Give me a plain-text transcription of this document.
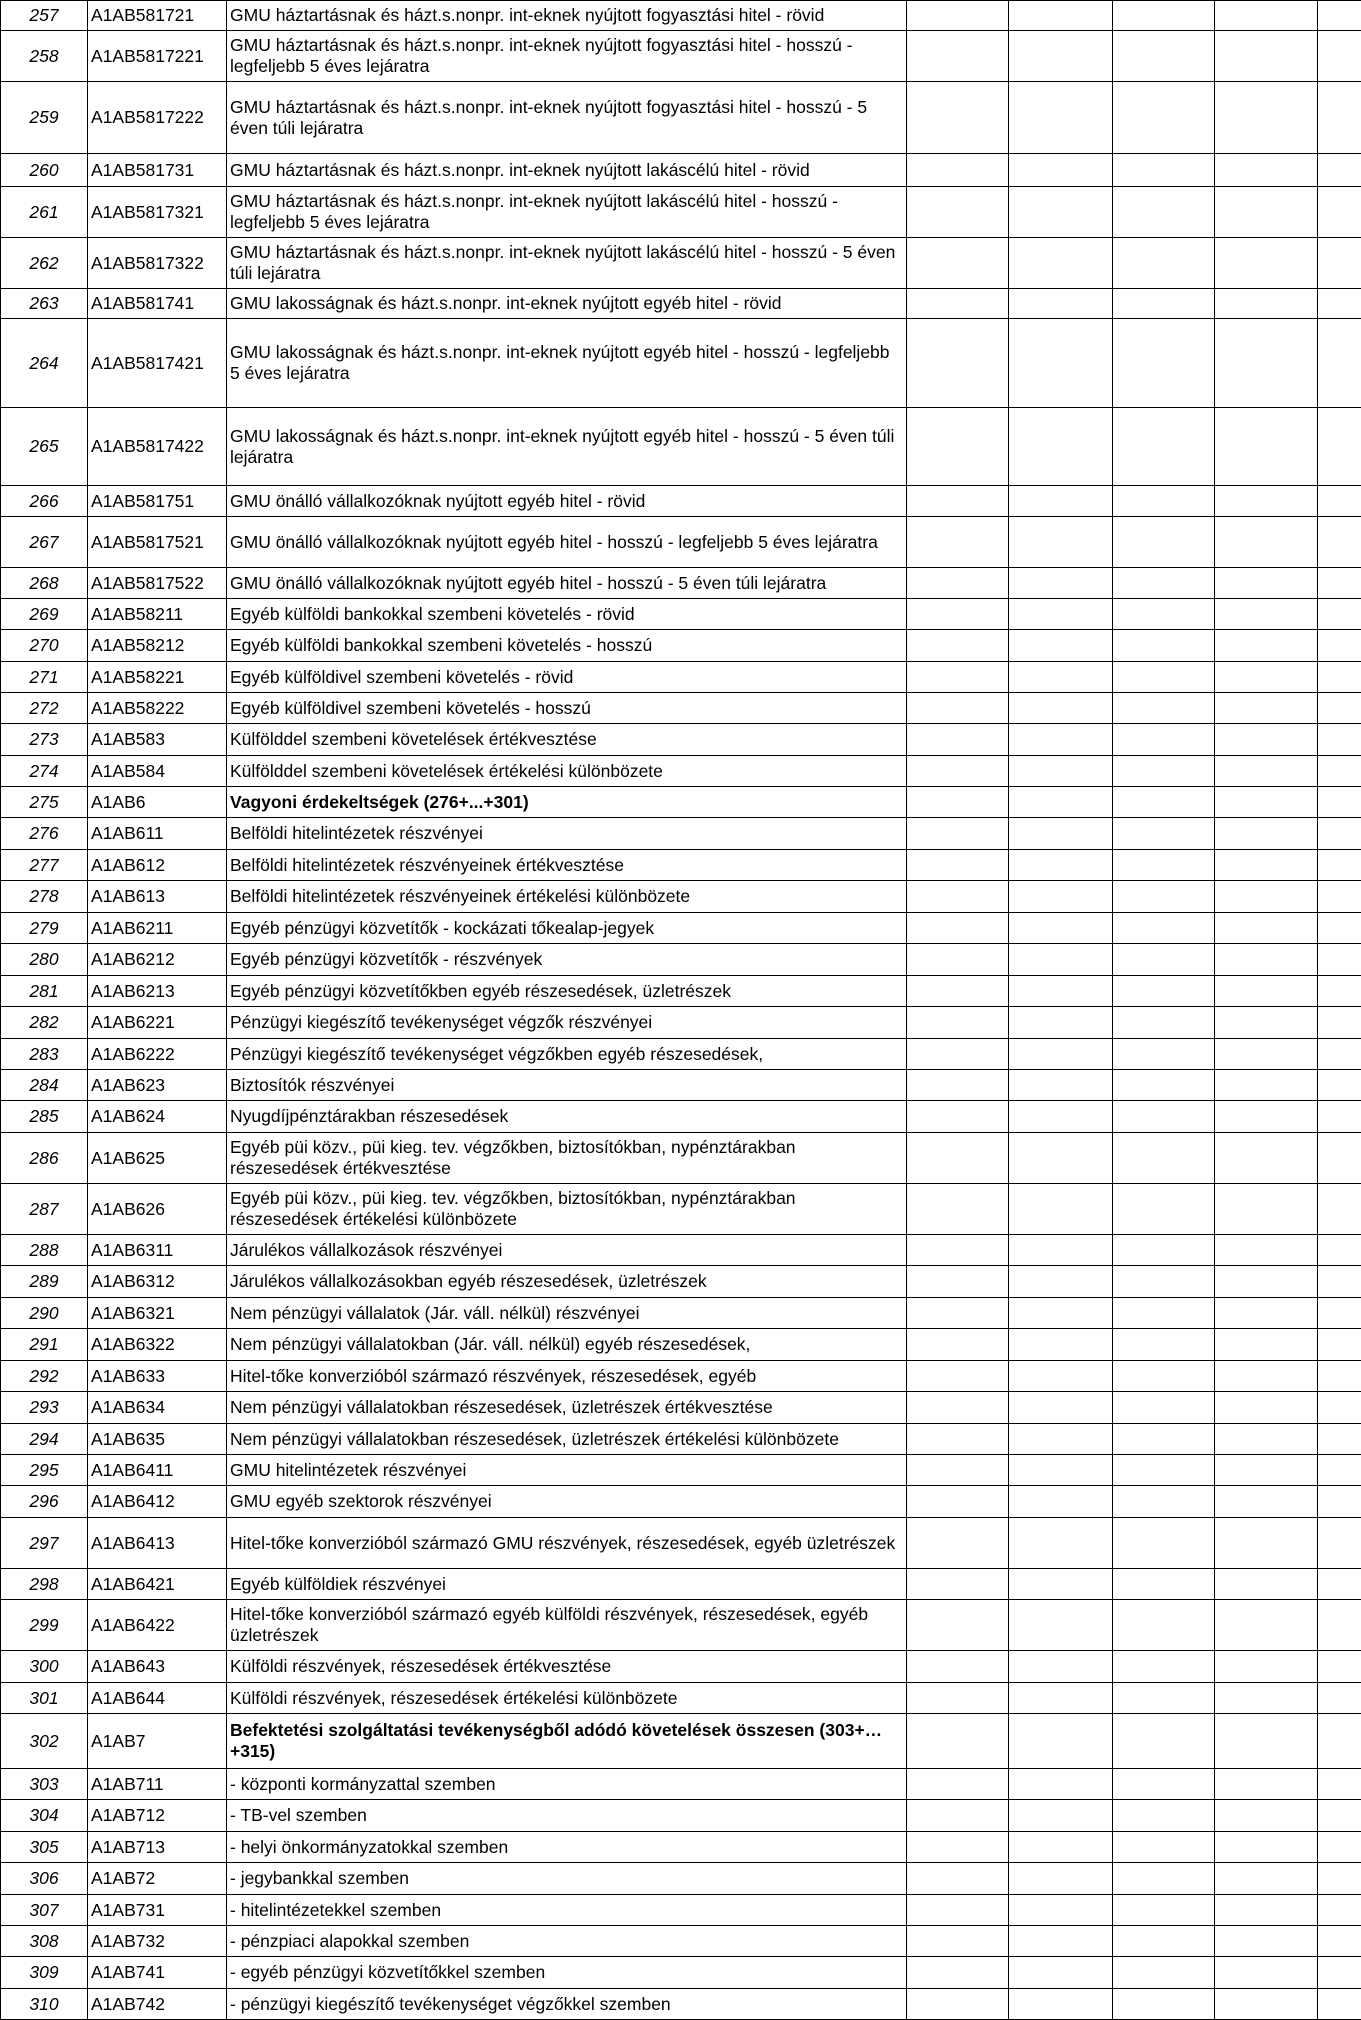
257	A1AB581721	GMU háztartásnak és házt.s.nonpr. int-eknek nyújtott fogyasztási hitel - rövid					
258	A1AB5817221	GMU háztartásnak és házt.s.nonpr. int-eknek nyújtott fogyasztási hitel - hosszú - legfeljebb 5 éves lejáratra					
259	A1AB5817222	GMU háztartásnak és házt.s.nonpr. int-eknek nyújtott fogyasztási hitel - hosszú - 5 éven túli lejáratra					
260	A1AB581731	GMU háztartásnak és házt.s.nonpr. int-eknek nyújtott lakáscélú hitel - rövid					
261	A1AB5817321	GMU háztartásnak és házt.s.nonpr. int-eknek nyújtott lakáscélú hitel - hosszú - legfeljebb 5 éves lejáratra					
262	A1AB5817322	GMU háztartásnak és házt.s.nonpr. int-eknek nyújtott lakáscélú hitel - hosszú - 5 éven túli lejáratra					
263	A1AB581741	GMU lakosságnak és házt.s.nonpr. int-eknek nyújtott egyéb hitel - rövid					
264	A1AB5817421	GMU lakosságnak és házt.s.nonpr. int-eknek nyújtott egyéb hitel - hosszú - legfeljebb 5 éves lejáratra					
265	A1AB5817422	GMU lakosságnak és házt.s.nonpr. int-eknek nyújtott egyéb hitel - hosszú - 5 éven túli lejáratra					
266	A1AB581751	GMU önálló vállalkozóknak nyújtott egyéb hitel - rövid					
267	A1AB5817521	GMU önálló vállalkozóknak nyújtott egyéb hitel - hosszú - legfeljebb 5 éves lejáratra					
268	A1AB5817522	GMU önálló vállalkozóknak nyújtott egyéb hitel - hosszú - 5 éven túli lejáratra					
269	A1AB58211	Egyéb külföldi bankokkal szembeni követelés - rövid					
270	A1AB58212	Egyéb külföldi bankokkal szembeni követelés - hosszú					
271	A1AB58221	Egyéb külföldivel szembeni követelés - rövid					
272	A1AB58222	Egyéb külföldivel szembeni követelés - hosszú					
273	A1AB583	Külfölddel szembeni követelések értékvesztése					
274	A1AB584	Külfölddel szembeni követelések értékelési különbözete					
275	A1AB6	Vagyoni érdekeltségek (276+...+301)					
276	A1AB611	Belföldi hitelintézetek részvényei					
277	A1AB612	Belföldi hitelintézetek részvényeinek értékvesztése					
278	A1AB613	Belföldi hitelintézetek részvényeinek értékelési különbözete					
279	A1AB6211	Egyéb pénzügyi közvetítők - kockázati tőkealap-jegyek					
280	A1AB6212	Egyéb pénzügyi közvetítők - részvények					
281	A1AB6213	Egyéb pénzügyi közvetítőkben egyéb részesedések, üzletrészek					
282	A1AB6221	Pénzügyi kiegészítő tevékenységet végzők részvényei					
283	A1AB6222	Pénzügyi kiegészítő tevékenységet végzőkben egyéb részesedések,					
284	A1AB623	Biztosítók részvényei					
285	A1AB624	Nyugdíjpénztárakban részesedések					
286	A1AB625	Egyéb püi közv., püi kieg. tev. végzőkben, biztosítókban, nypénztárakban részesedések értékvesztése					
287	A1AB626	Egyéb püi közv., püi kieg. tev. végzőkben, biztosítókban, nypénztárakban részesedések értékelési különbözete					
288	A1AB6311	Járulékos vállalkozások részvényei					
289	A1AB6312	Járulékos vállalkozásokban egyéb részesedések, üzletrészek					
290	A1AB6321	Nem pénzügyi vállalatok (Jár. váll. nélkül) részvényei					
291	A1AB6322	Nem pénzügyi vállalatokban (Jár. váll. nélkül) egyéb részesedések,					
292	A1AB633	Hitel-tőke konverzióból származó részvények, részesedések, egyéb					
293	A1AB634	Nem pénzügyi vállalatokban részesedések, üzletrészek értékvesztése					
294	A1AB635	Nem pénzügyi vállalatokban részesedések, üzletrészek értékelési különbözete					
295	A1AB6411	GMU hitelintézetek részvényei					
296	A1AB6412	GMU egyéb szektorok részvényei					
297	A1AB6413	Hitel-tőke konverzióból származó GMU részvények, részesedések, egyéb üzletrészek					
298	A1AB6421	Egyéb külföldiek részvényei					
299	A1AB6422	Hitel-tőke konverzióból származó egyéb külföldi részvények, részesedések, egyéb üzletrészek					
300	A1AB643	Külföldi részvények, részesedések értékvesztése					
301	A1AB644	Külföldi részvények, részesedések értékelési különbözete					
302	A1AB7	Befektetési szolgáltatási tevékenységből adódó követelések összesen (303+…+315)					
303	A1AB711	- központi kormányzattal szemben					
304	A1AB712	- TB-vel szemben					
305	A1AB713	- helyi önkormányzatokkal szemben					
306	A1AB72	- jegybankkal szemben					
307	A1AB731	- hitelintézetekkel szemben					
308	A1AB732	- pénzpiaci alapokkal szemben					
309	A1AB741	- egyéb pénzügyi közvetítőkkel szemben					
310	A1AB742	- pénzügyi kiegészítő tevékenységet végzőkkel szemben					
